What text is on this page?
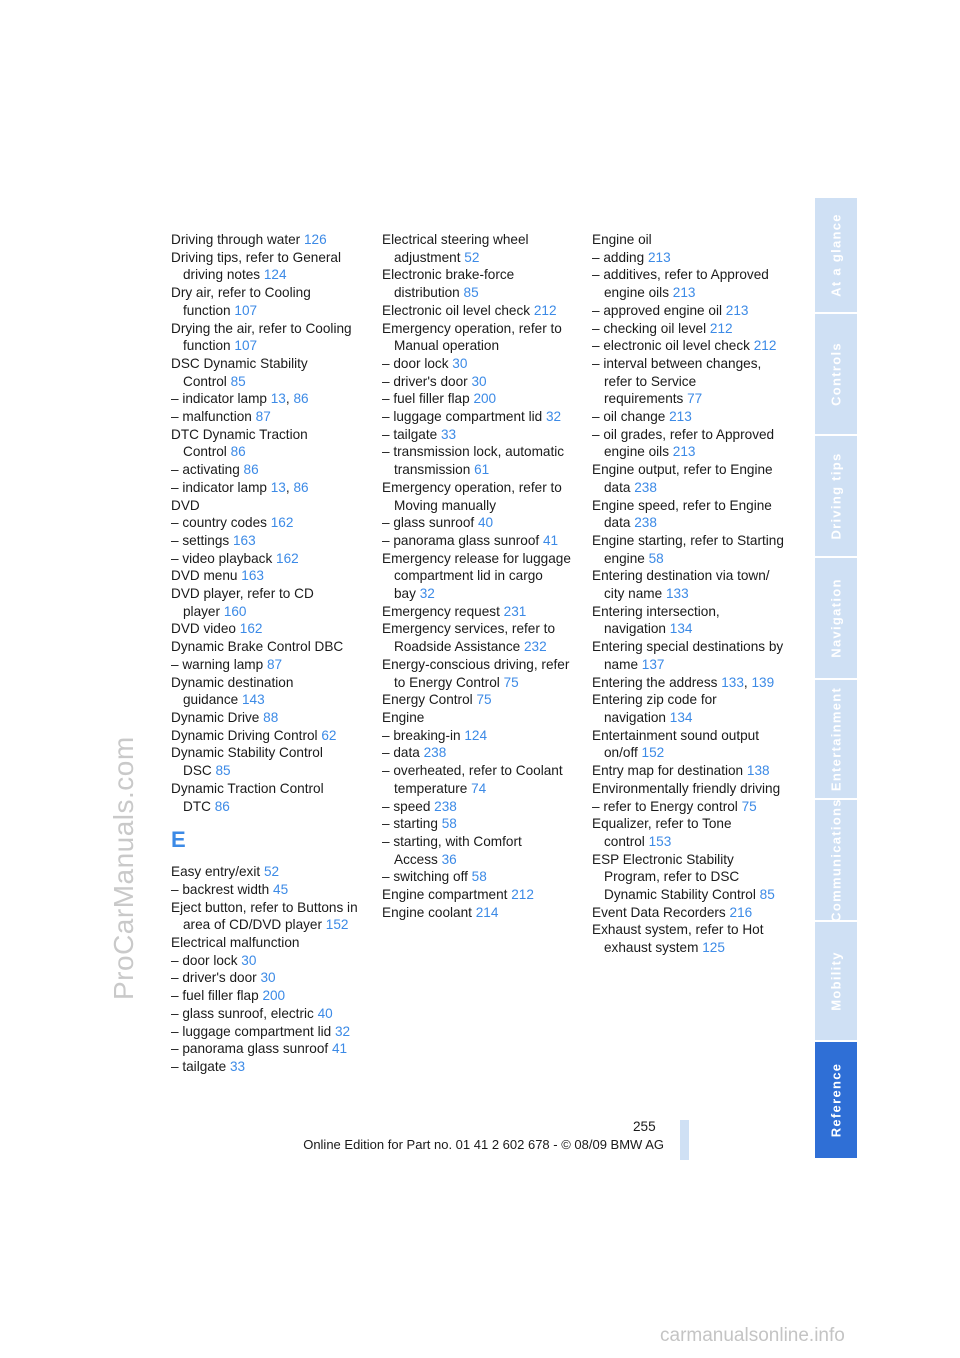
ProCarManuals.com
Driving through water 126
Driving tips, refer to General driving notes 124
Dry air, refer to Cooling function 107
Drying the air, refer to Cooling function 107
DSC Dynamic Stability Control 85
– indicator lamp 13, 86
– malfunction 87
DTC Dynamic Traction Control 86
– activating 86
– indicator lamp 13, 86
DVD
– country codes 162
– settings 163
– video playback 162
DVD menu 163
DVD player, refer to CD player 160
DVD video 162
Dynamic Brake Control DBC
– warning lamp 87
Dynamic destination guidance 143
Dynamic Drive 88
Dynamic Driving Control 62
Dynamic Stability Control DSC 85
Dynamic Traction Control DTC 86
E
Easy entry/exit 52
– backrest width 45
Eject button, refer to Buttons in area of CD/DVD player 152
Electrical malfunction
– door lock 30
– driver's door 30
– fuel filler flap 200
– glass sunroof, electric 40
– luggage compartment lid 32
– panorama glass sunroof 41
– tailgate 33
Electrical steering wheel adjustment 52
Electronic brake-force distribution 85
Electronic oil level check 212
Emergency operation, refer to Manual operation
– door lock 30
– driver's door 30
– fuel filler flap 200
– luggage compartment lid 32
– tailgate 33
– transmission lock, automatic transmission 61
Emergency operation, refer to Moving manually
– glass sunroof 40
– panorama glass sunroof 41
Emergency release for luggage compartment lid in cargo bay 32
Emergency request 231
Emergency services, refer to Roadside Assistance 232
Energy-conscious driving, refer to Energy Control 75
Energy Control 75
Engine
– breaking-in 124
– data 238
– overheated, refer to Coolant temperature 74
– speed 238
– starting 58
– starting, with Comfort Access 36
– switching off 58
Engine compartment 212
Engine coolant 214
Engine oil
– adding 213
– additives, refer to Approved engine oils 213
– approved engine oil 213
– checking oil level 212
– electronic oil level check 212
– interval between changes, refer to Service requirements 77
– oil change 213
– oil grades, refer to Approved engine oils 213
Engine output, refer to Engine data 238
Engine speed, refer to Engine data 238
Engine starting, refer to Starting engine 58
Entering destination via town/ city name 133
Entering intersection, navigation 134
Entering special destinations by name 137
Entering the address 133, 139
Entering zip code for navigation 134
Entertainment sound output on/off 152
Entry map for destination 138
Environmentally friendly driving
– refer to Energy control 75
Equalizer, refer to Tone control 153
ESP Electronic Stability Program, refer to DSC Dynamic Stability Control 85
Event Data Recorders 216
Exhaust system, refer to Hot exhaust system 125
At a glance
Controls
Driving tips
Navigation
Entertainment
Communications
Mobility
Reference
255
Online Edition for Part no. 01 41 2 602 678 - © 08/09 BMW AG
carmanualsonline.info
